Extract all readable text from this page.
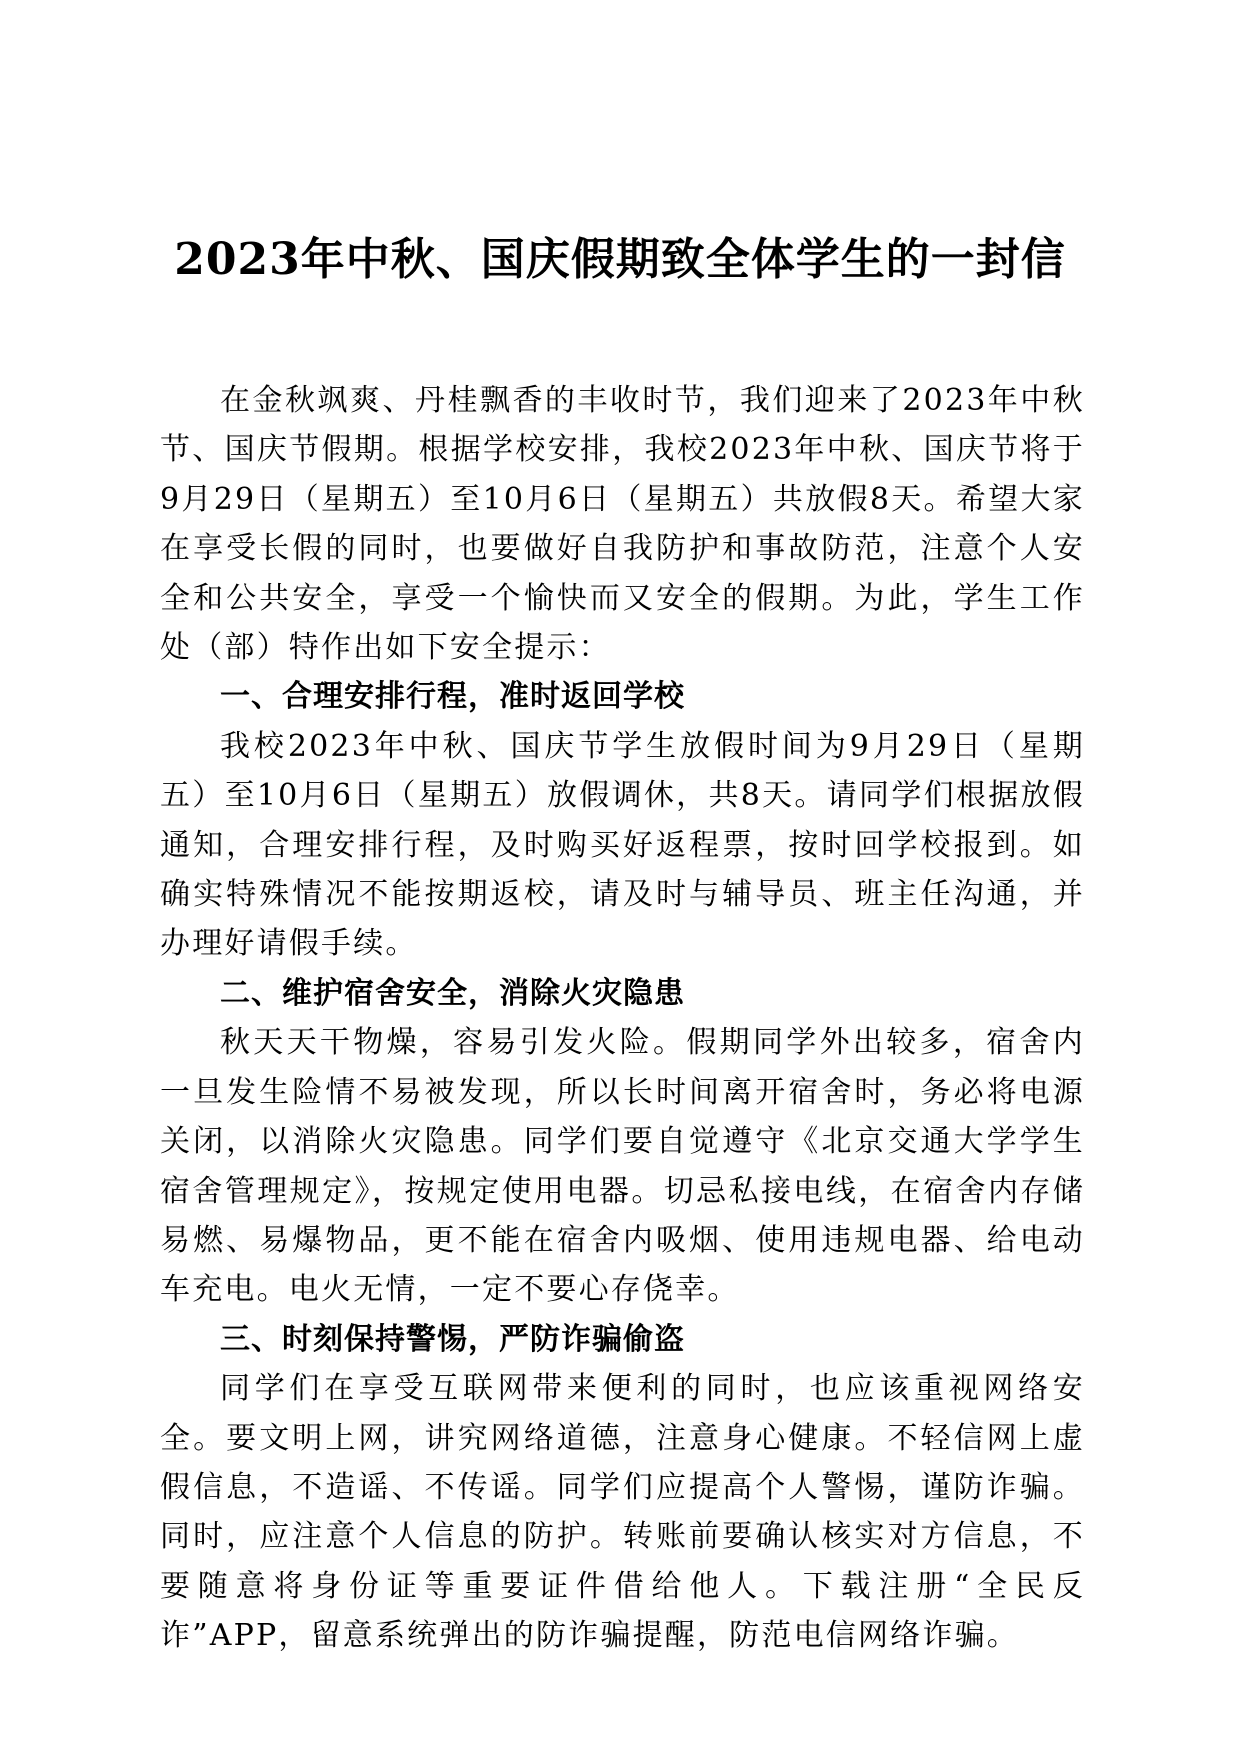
2023年中秋、国庆假期致全体学生的一封信

在金秋飒爽、丹桂飘香的丰收时节，我们迎来了2023年中秋节、国庆节假期。根据学校安排，我校2023年中秋、国庆节将于9月29日（星期五）至10月6日（星期五）共放假8天。希望大家在享受长假的同时，也要做好自我防护和事故防范，注意个人安全和公共安全，享受一个愉快而又安全的假期。为此，学生工作处（部）特作出如下安全提示：

一、合理安排行程，准时返回学校

我校2023年中秋、国庆节学生放假时间为9月29日（星期五）至10月6日（星期五）放假调休，共8天。请同学们根据放假通知，合理安排行程，及时购买好返程票，按时回学校报到。如确实特殊情况不能按期返校，请及时与辅导员、班主任沟通，并办理好请假手续。

二、维护宿舍安全，消除火灾隐患

秋天天干物燥，容易引发火险。假期同学外出较多，宿舍内一旦发生险情不易被发现，所以长时间离开宿舍时，务必将电源关闭，以消除火灾隐患。同学们要自觉遵守《北京交通大学学生宿舍管理规定》，按规定使用电器。切忌私接电线，在宿舍内存储易燃、易爆物品，更不能在宿舍内吸烟、使用违规电器、给电动车充电。电火无情，一定不要心存侥幸。

三、时刻保持警惕，严防诈骗偷盗

同学们在享受互联网带来便利的同时，也应该重视网络安全。要文明上网，讲究网络道德，注意身心健康。不轻信网上虚假信息，不造谣、不传谣。同学们应提高个人警惕，谨防诈骗。同时，应注意个人信息的防护。转账前要确认核实对方信息，不要随意将身份证等重要证件借给他人。下载注册“全民反诈”APP，留意系统弹出的防诈骗提醒，防范电信网络诈骗。
